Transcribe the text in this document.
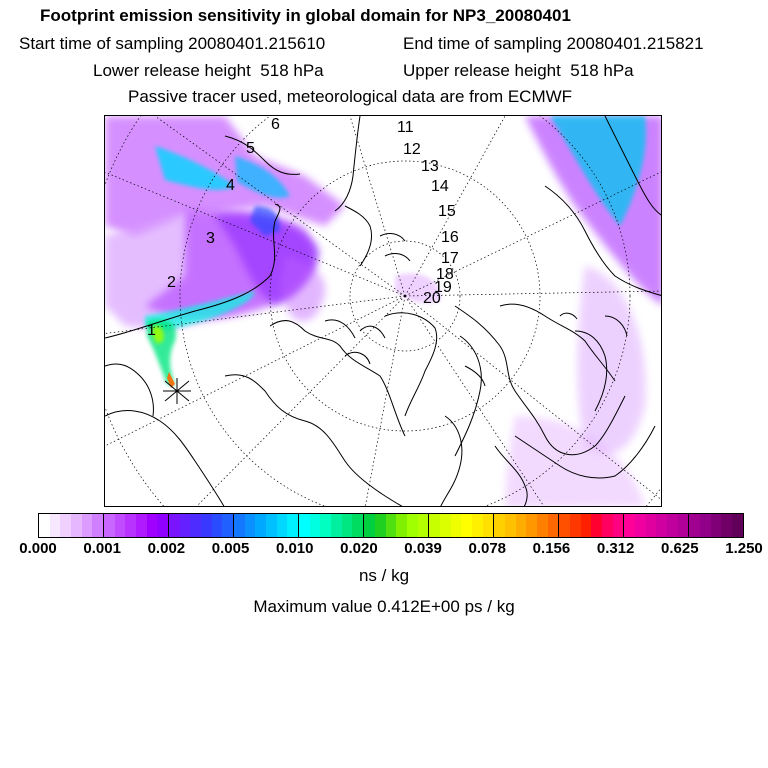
Footprint emission sensitivity in global domain for NP3_20080401
Start time of sampling 20080401.215610	End time of sampling 20080401.215821
Lower release height 518 hPa	Upper release height 518 hPa
Passive tracer used, meteorological data are from ECMWF
1
2
3
4
5
6	11
12
13
14
15
16
17
18
19
20
0.000 0.001 0.002 0.005 0.010 0.020 0.039 0.078 0.156 0.312 0.625 1.250
ns / kg
Maximum value 0.412E+00 ps / kg
